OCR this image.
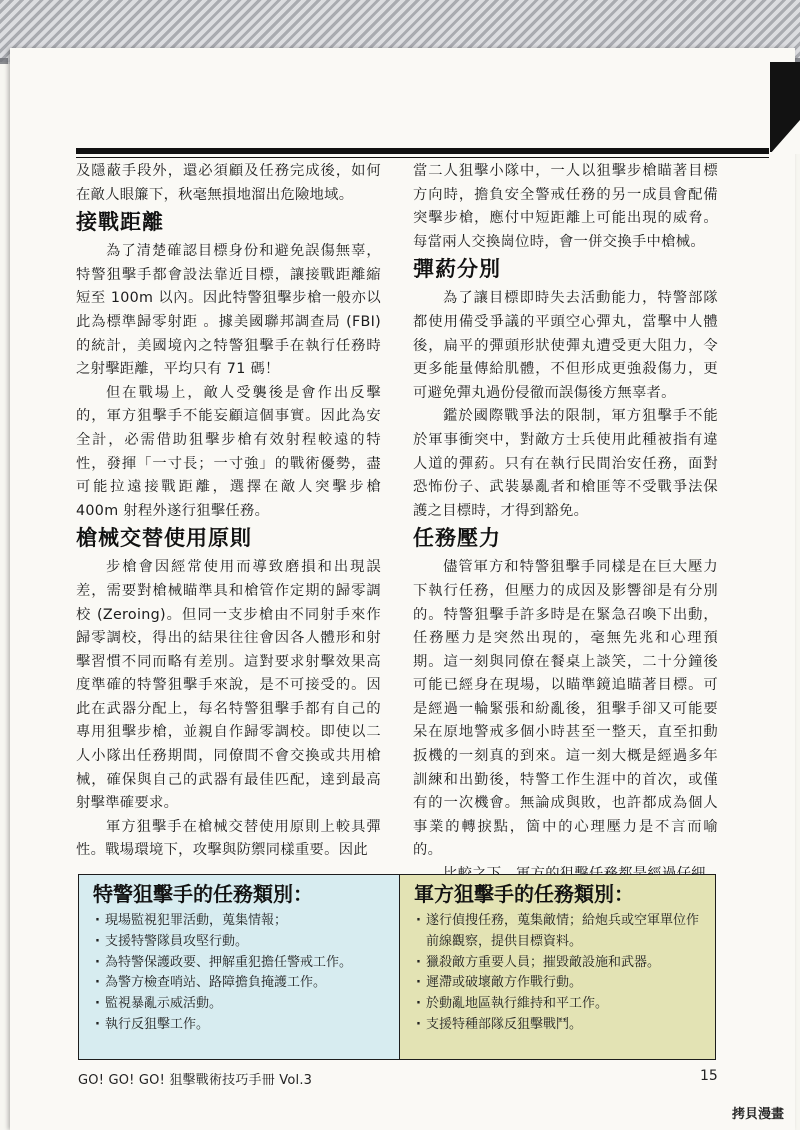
及隱蔽手段外，還必須顧及任務完成後，如何在敵人眼簾下，秋毫無損地溜出危險地域。

接戰距離

為了清楚確認目標身份和避免誤傷無辜，特警狙擊手都會設法靠近目標，讓接戰距離縮短至 100m 以內。因此特警狙擊步槍一般亦以此為標準歸零射距 。據美國聯邦調查局 (FBI) 的統計，美國境內之特警狙擊手在執行任務時之射擊距離，平均只有 71 碼！

但在戰場上，敵人受襲後是會作出反擊的，軍方狙擊手不能妄顧這個事實。因此為安全計，必需借助狙擊步槍有效射程較遠的特性，發揮「一寸長；一寸強」的戰術優勢，盡可能拉遠接戰距離，選擇在敵人突擊步槍 400m 射程外遂行狙擊任務。

槍械交替使用原則

步槍會因經常使用而導致磨損和出現誤差，需要對槍械瞄準具和槍管作定期的歸零調校 (Zeroing)。但同一支步槍由不同射手來作歸零調校，得出的結果往往會因各人體形和射擊習慣不同而略有差別。這對要求射擊效果高度準確的特警狙擊手來說，是不可接受的。因此在武器分配上，每名特警狙擊手都有自己的專用狙擊步槍，並親自作歸零調校。即使以二人小隊出任務期間，同僚間不會交換或共用槍械，確保與自己的武器有最佳匹配，達到最高射擊準確要求。

軍方狙擊手在槍械交替使用原則上較具彈性。戰場環境下，攻擊與防禦同樣重要。因此

當二人狙擊小隊中，一人以狙擊步槍瞄著目標方向時，擔負安全警戒任務的另一成員會配備突擊步槍，應付中短距離上可能出現的威脅。每當兩人交換崗位時，會一併交換手中槍械。

彈葯分別

為了讓目標即時失去活動能力，特警部隊都使用備受爭議的平頭空心彈丸，當擊中人體後，扁平的彈頭形狀使彈丸遭受更大阻力，令更多能量傳給肌體，不但形成更強殺傷力，更可避免彈丸過份侵徹而誤傷後方無辜者。

鑑於國際戰爭法的限制，軍方狙擊手不能於軍事衝突中，對敵方士兵使用此種被指有違人道的彈葯。只有在執行民間治安任務，面對恐怖份子、武裝暴亂者和槍匪等不受戰爭法保護之目標時，才得到豁免。

任務壓力

儘管軍方和特警狙擊手同樣是在巨大壓力下執行任務，但壓力的成因及影響卻是有分別的。特警狙擊手許多時是在緊急召喚下出動，任務壓力是突然出現的，毫無先兆和心理預期。這一刻與同僚在餐桌上談笑，二十分鐘後可能已經身在現場，以瞄準鏡追瞄著目標。可是經過一輪緊張和紛亂後，狙擊手卻又可能要呆在原地警戒多個小時甚至一整天，直至扣動扳機的一刻真的到來。這一刻大概是經過多年訓練和出勤後，特警工作生涯中的首次，或僅有的一次機會。無論成與敗，也許都成為個人事業的轉捩點，箇中的心理壓力是不言而喻的。

特警狙擊手的任務類別：
· 現場監視犯罪活動，蒐集情報；
· 支援特警隊員攻堅行動。
· 為特警保護政要、押解重犯擔任警戒工作。
· 為警方檢查哨站、路障擔負掩護工作。
· 監視暴亂示威活動。
· 執行反狙擊工作。
軍方狙擊手的任務類別：
· 遂行偵搜任務，蒐集敵情；給炮兵或空軍單位作前線觀察，提供目標資料。
· 獵殺敵方重要人員；摧毀敵設施和武器。
· 遲滯或破壞敵方作戰行動。
· 於動亂地區執行維持和平工作。
· 支援特種部隊反狙擊戰鬥。
GO! GO! GO! 狙擊戰術技巧手冊 Vol.3	15
拷貝漫畫
